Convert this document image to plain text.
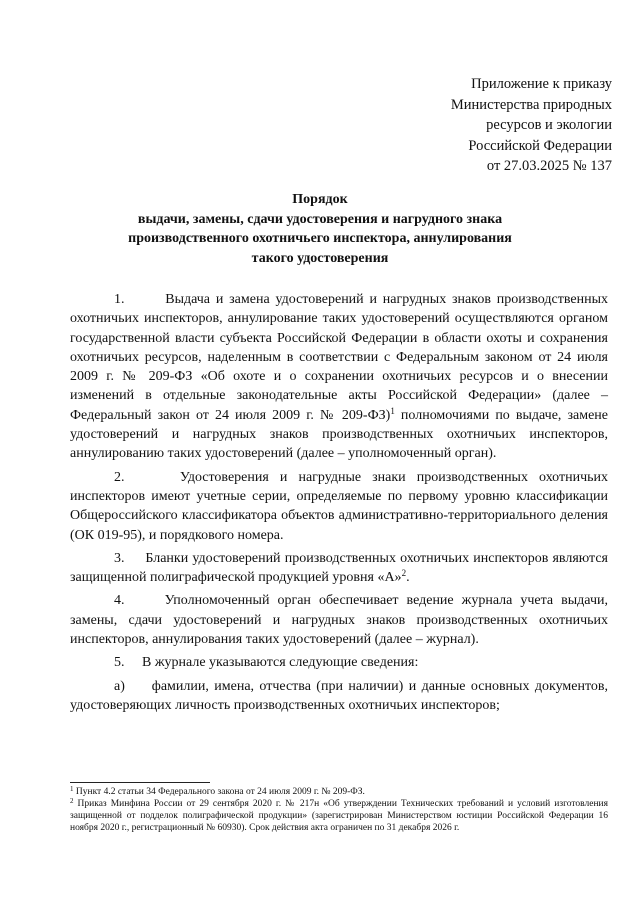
Приложение к приказу
Министерства природных
ресурсов и экологии
Российской Федерации
от 27.03.2025 № 137
Порядок
выдачи, замены, сдачи удостоверения и нагрудного знака
производственного охотничьего инспектора, аннулирования
такого удостоверения

1.       Выдача и замена удостоверений и нагрудных знаков производственных охотничьих инспекторов, аннулирование таких удостоверений осуществляются органом государственной власти субъекта Российской Федерации в области охоты и сохранения охотничьих ресурсов, наделенным в соответствии с Федеральным законом от 24 июля 2009 г. № 209-ФЗ «Об охоте и о сохранении охотничьих ресурсов и о внесении изменений в отдельные законодательные акты Российской Федерации» (далее – Федеральный закон от 24 июля 2009 г. № 209-ФЗ)$^1$ полномочиями по выдаче, замене удостоверений и нагрудных знаков производственных охотничьих инспекторов, аннулированию таких удостоверений (далее – уполномоченный орган).

2.     Удостоверения и нагрудные знаки производственных охотничьих инспекторов имеют учетные серии, определяемые по первому уровню классификации Общероссийского классификатора объектов административно-территориального деления (ОК 019-95), и порядкового номера.

3.     Бланки удостоверений производственных охотничьих инспекторов являются защищенной полиграфической продукцией уровня «А»$^2$.

4.     Уполномоченный орган обеспечивает ведение журнала учета выдачи, замены, сдачи удостоверений и нагрудных знаков производственных охотничьих инспекторов, аннулирования таких удостоверений (далее – журнал).

5.     В журнале указываются следующие сведения:

а)     фамилии, имена, отчества (при наличии) и данные основных документов, удостоверяющих личность производственных охотничьих инспекторов;

$^1$ Пункт 4.2 статьи 34 Федерального закона от 24 июля 2009 г. № 209-ФЗ.

$^2$ Приказ Минфина России от 29 сентября 2020 г. № 217н «Об утверждении Технических требований и условий изготовления защищенной от подделок полиграфической продукции» (зарегистрирован Министерством юстиции Российской Федерации 16 ноября 2020 г., регистрационный № 60930). Срок действия акта ограничен по 31 декабря 2026 г.
